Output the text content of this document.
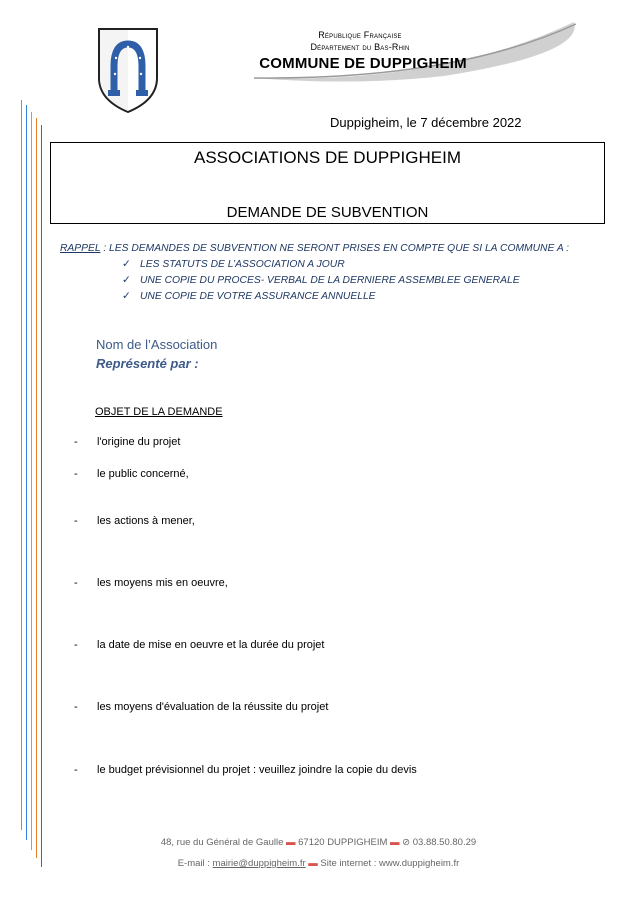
République Française
Département du Bas-Rhin
COMMUNE DE DUPPIGHEIM
Duppigheim, le 7 décembre 2022
ASSOCIATIONS DE DUPPIGHEIM
DEMANDE DE SUBVENTION
RAPPEL : LES DEMANDES DE SUBVENTION NE SERONT PRISES EN COMPTE QUE SI LA COMMUNE A :
✓ LES STATUTS DE L’ASSOCIATION A JOUR
✓ UNE COPIE DU PROCES- VERBAL DE LA DERNIERE ASSEMBLEE GENERALE
✓ UNE COPIE DE VOTRE ASSURANCE ANNUELLE
Nom de l’Association
Représenté par :
OBJET DE LA DEMANDE
- l'origine du projet
- le public concerné,
- les actions à mener,
- les moyens mis en oeuvre,
- la date de mise en oeuvre et la durée du projet
- les moyens d'évaluation de la réussite du projet
- le budget prévisionnel du projet : veuillez joindre la copie du devis
48, rue du Général de Gaulle ▬ 67120 DUPPIGHEIM ▬ ⊘ 03.88.50.80.29
E-mail : mairie@duppigheim.fr ▬ Site internet : www.duppigheim.fr
